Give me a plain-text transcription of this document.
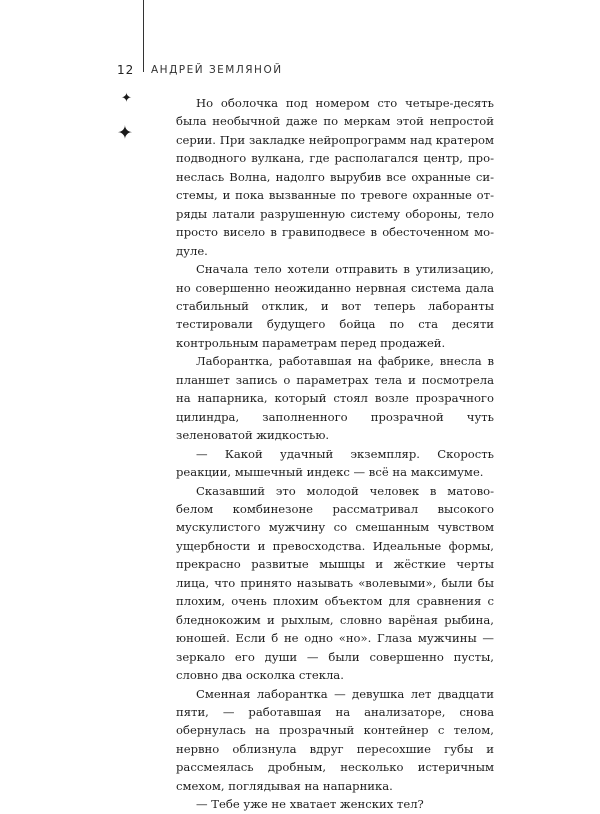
12 АНДРЕЙ ЗЕМЛЯНОЙ
✦
✦

Но оболочка под номером сто четыре-десять была необычной даже по меркам этой непростой серии. При закладке нейропрограмм над кратером подводного вулкана, где располагался центр, пронеслась Волна, надолго вырубив все охранные системы, и пока вызванные по тревоге охранные отряды латали разрушенную систему обороны, тело просто висело в гравиподвесе в обесточенном модуле.

Сначала тело хотели отправить в утилизацию, но совершенно неожиданно нервная система дала стабильный отклик, и вот теперь лаборанты тестировали будущего бойца по ста десяти контрольным параметрам перед продажей.

Лаборантка, работавшая на фабрике, внесла в планшет запись о параметрах тела и посмотрела на напарника, который стоял возле прозрачного цилиндра, заполненного прозрачной чуть зеленоватой жидкостью.

— Какой удачный экземпляр. Скорость реакции, мышечный индекс — всё на максимуме.

Сказавший это молодой человек в матово-белом комбинезоне рассматривал высокого мускулистого мужчину со смешанным чувством ущербности и превосходства. Идеальные формы, прекрасно развитые мышцы и жёсткие черты лица, что принято называть «волевыми», были бы плохим, очень плохим объектом для сравнения с бледнокожим и рыхлым, словно варёная рыбина, юношей. Если б не одно «но». Глаза мужчины — зеркало его души — были совершенно пусты, словно два осколка стекла.

Сменная лаборантка — девушка лет двадцати пяти, — работавшая на анализаторе, снова обернулась на прозрачный контейнер с телом, нервно облизнула вдруг пересохшие губы и рассмеялась дробным, несколько истеричным смехом, поглядывая на напарника.

— Тебе уже не хватает женских тел?
